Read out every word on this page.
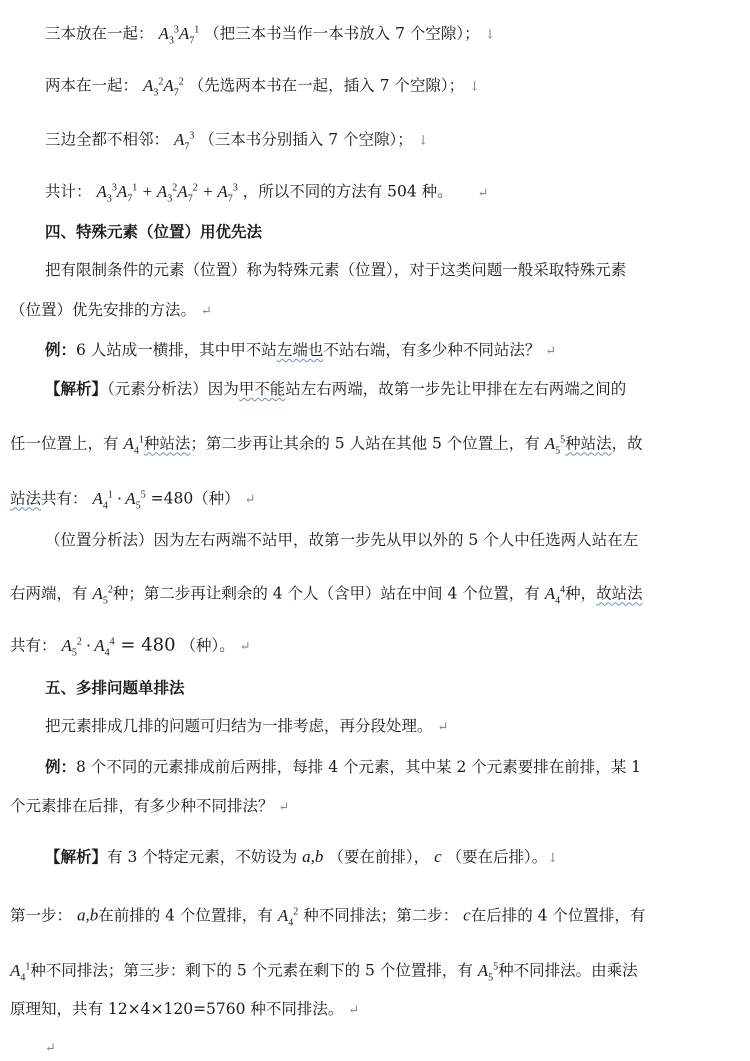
三本放在一起： $A_3^3A_7^1$ （把三本书当作一本书放入 7 个空隙）； ↓
两本在一起： $A_3^2A_7^2$ （先选两本书在一起，插入 7 个空隙）； ↓
三边全都不相邻： $A_7^3$ （三本书分别插入 7 个空隙）； ↓
共计： $A_3^3A_7^1 + A_3^2A_7^2 + A_7^3$ ，所以不同的方法有 504 种。 ↵
四、特殊元素（位置）用优先法
把有限制条件的元素（位置）称为特殊元素（位置），对于这类问题一般采取特殊元素
（位置）优先安排的方法。 ↵
例：6 人站成一横排，其中甲不站左端也不站右端，有多少种不同站法？ ↵
【解析】（元素分析法）因为甲不能站左右两端，故第一步先让甲排在左右两端之间的
任一位置上，有 $A_4^1$种站法；第二步再让其余的 5 人站在其他 5 个位置上，有 $A_5^5$种站法，故
站法共有： $A_4^1 \cdot A_5^5 =480$（种） ↵
（位置分析法）因为左右两端不站甲，故第一步先从甲以外的 5 个人中任选两人站在左
右两端，有 $A_5^2$种；第二步再让剩余的 4 个人（含甲）站在中间 4 个位置，有 $A_4^4$种，故站法
共有： $A_5^2 \cdot A_4^4 = 480$ （种）。 ↵
五、多排问题单排法
把元素排成几排的问题可归结为一排考虑，再分段处理。 ↵
例：8 个不同的元素排成前后两排，每排 4 个元素，其中某 2 个元素要排在前排，某 1
个元素排在后排，有多少种不同排法？ ↵
【解析】有 3 个特定元素，不妨设为 a,b （要在前排）， c （要在后排）。↓
第一步： a,b在前排的 4 个位置排，有 $A_4^2$ 种不同排法；第二步： c在后排的 4 个位置排，有
$A_4^1$种不同排法；第三步：剩下的 5 个元素在剩下的 5 个位置排，有 $A_5^5$种不同排法。由乘法
原理知，共有 12×4×120=5760 种不同排法。 ↵
↵
